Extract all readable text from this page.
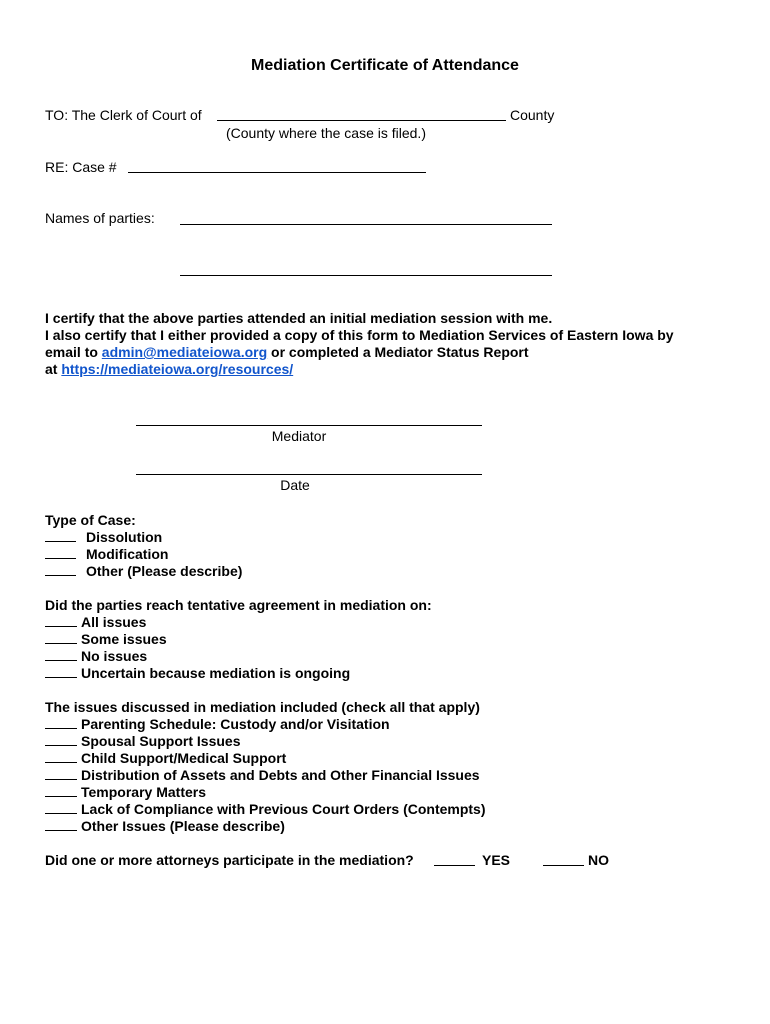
Mediation Certificate of Attendance
TO: The Clerk of Court of	County
(County where the case is filed.)
RE: Case #
Names of parties:
I certify that the above parties attended an initial mediation session with me.
I also certify that I either provided a copy of this form to Mediation Services of Eastern Iowa by
email to admin@mediateiowa.org or completed a Mediator Status Report
at https://mediateiowa.org/resources/
Mediator
Date
Type of Case:
Dissolution
Modification
Other (Please describe)
Did the parties reach tentative agreement in mediation on:
All issues
Some issues
No issues
Uncertain because mediation is ongoing
The issues discussed in mediation included (check all that apply)
Parenting Schedule: Custody and/or Visitation
Spousal Support Issues
Child Support/Medical Support
Distribution of Assets and Debts and Other Financial Issues
Temporary Matters
Lack of Compliance with Previous Court Orders (Contempts)
Other Issues (Please describe)
Did one or more attorneys participate in the mediation?	YES	NO
